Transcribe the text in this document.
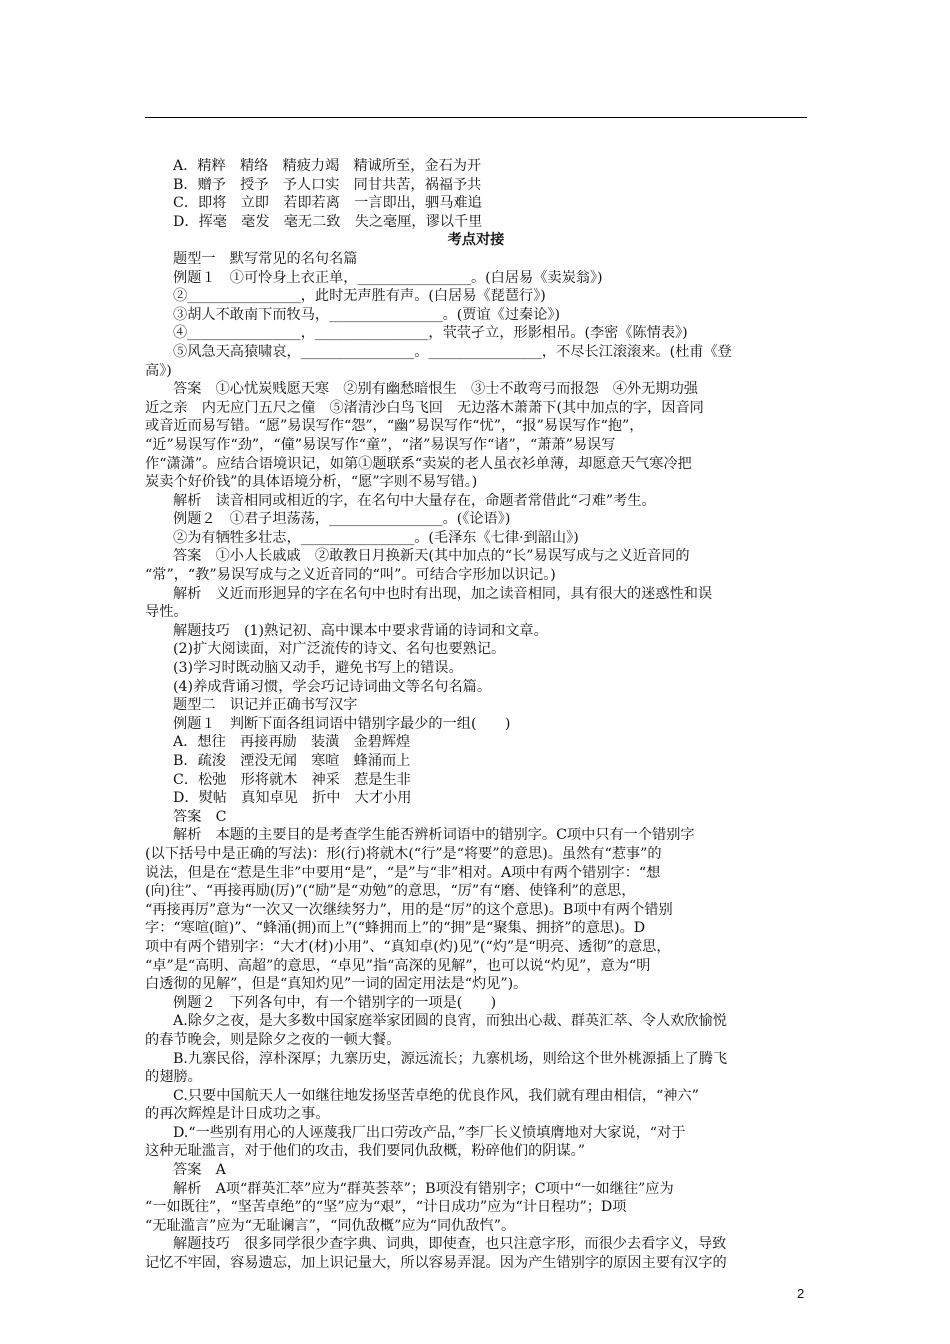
A．精粹　精络　精疲力竭　精诚所至，金石为开
B．赠予　授予　予人口实　同甘共苦，祸福予共
C．即将　立即　若即若离　一言即出，驷马难追
D．挥毫　毫发　毫无二致　失之毫厘，谬以千里
考点对接
题型一　默写常见的名句名篇
例题１　①可怜身上衣正单，________________。(白居易《卖炭翁》)
②________________，此时无声胜有声。(白居易《琵琶行》)
③胡人不敢南下而牧马，________________。(贾谊《过秦论》)
④________________，________________，茕茕孑立，形影相吊。(李密《陈情表》)
⑤风急天高猿啸哀，________________。________________，不尽长江滚滚来。(杜甫《登
高》)
答案　①心忧炭贱愿天寒　②别有幽愁暗恨生　③士不敢弯弓而报怨　④外无期功强
近之亲　内无应门五尺之僮　⑤渚清沙白鸟飞回　无边落木萧萧下(其中加点的字，因音同
或音近而易写错。“愿”易误写作“怨”，“幽”易误写作“忧”，“报”易误写作“抱”，
“近”易误写作“劲”，“僮”易误写作“童”，“渚”易误写作“诸”，“萧萧”易误写
作“潇潇”。应结合语境识记，如第①题联系“卖炭的老人虽衣衫单薄，却愿意天气寒冷把
炭卖个好价钱”的具体语境分析，“愿”字则不易写错。)
解析　读音相同或相近的字，在名句中大量存在，命题者常借此“刁难”考生。
例题２　①君子坦荡荡，________________。(《论语》)
②为有牺牲多壮志，________________。(毛泽东《七律·到韶山》)
答案　①小人长戚戚　②敢教日月换新天(其中加点的“长”易误写成与之义近音同的
“常”，“教”易误写成与之义近音同的“叫”。可结合字形加以识记。)
解析　义近而形迥异的字在名句中也时有出现，加之读音相同，具有很大的迷惑性和误
导性。
解题技巧　(1)熟记初、高中课本中要求背诵的诗词和文章。
(2)扩大阅读面，对广泛流传的诗文、名句也要熟记。
(3)学习时既动脑又动手，避免书写上的错误。
(4)养成背诵习惯，学会巧记诗词曲文等名句名篇。
题型二　识记并正确书写汉字
例题１　判断下面各组词语中错别字最少的一组(　　)
A．想往　再接再励　装潢　金碧辉煌
B．疏浚　湮没无闻　寒喧　蜂涌而上
C．松弛　形将就木　神采　惹是生非
D．熨帖　真知卓见　折中　大才小用
答案　C
解析　本题的主要目的是考查学生能否辨析词语中的错别字。C项中只有一个错别字
(以下括号中是正确的写法)：形(行)将就木(“行”是“将要”的意思)。虽然有“惹事”的
说法，但是在“惹是生非”中要用“是”，“是”与“非”相对。A项中有两个错别字：“想
(向)往”、“再接再励(厉)”(“励”是“劝勉”的意思，“厉”有“磨、使锋利”的意思，
“再接再厉”意为“一次又一次继续努力”，用的是“厉”的这个意思)。B项中有两个错别
字：“寒喧(暄)”、“蜂涌(拥)而上”(“蜂拥而上”的“拥”是“聚集、拥挤”的意思)。D
项中有两个错别字：“大才(材)小用”、“真知卓(灼)见”(“灼”是“明亮、透彻”的意思，
“卓”是“高明、高超”的意思，“卓见”指“高深的见解”，也可以说“灼见”，意为“明
白透彻的见解”，但是“真知灼见”一词的固定用法是“灼见”)。
例题２　下列各句中，有一个错别字的一项是(　　)
A.除夕之夜，是大多数中国家庭举家团圆的良宵，而独出心裁、群英汇萃、令人欢欣愉悦
的春节晚会，则是除夕之夜的一顿大餐。
B.九寨民俗，淳朴深厚；九寨历史，源远流长；九寨机场，则给这个世外桃源插上了腾飞
的翅膀。
C.只要中国航天人一如继往地发扬坚苦卓绝的优良作风，我们就有理由相信，“神六”
的再次辉煌是计日成功之事。
D.“一些别有用心的人诬蔑我厂出口劳改产品，”李厂长义愤填膺地对大家说，“对于
这种无耻滥言，对于他们的攻击，我们要同仇敌概，粉碎他们的阴谋。”
答案　A
解析　A项“群英汇萃”应为“群英荟萃”；B项没有错别字；C项中“一如继往”应为
“一如既往”，“坚苦卓绝”的“坚”应为“艰”，“计日成功”应为“计日程功”；D项
“无耻滥言”应为“无耻谰言”，“同仇敌概”应为“同仇敌忾”。
解题技巧　很多同学很少查字典、词典，即使查，也只注意字形，而很少去看字义，导致
记忆不牢固，容易遗忘，加上识记量大，所以容易弄混。因为产生错别字的原因主要有汉字的
2
